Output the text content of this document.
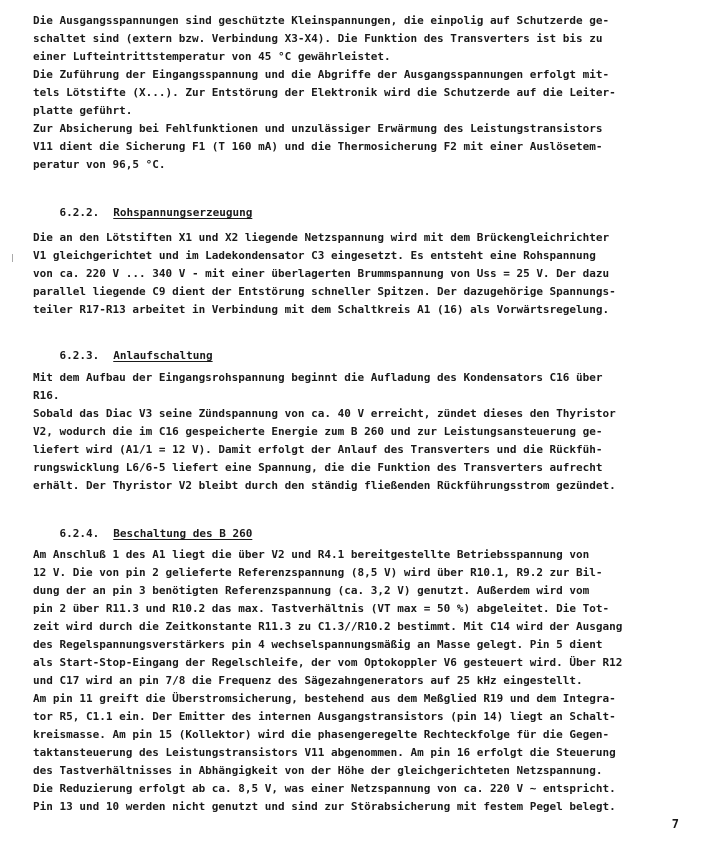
Die Ausgangsspannungen sind geschützte Kleinspannungen, die einpolig auf Schutzerde ge-

schaltet sind (extern bzw. Verbindung X3-X4). Die Funktion des Transverters ist bis zu

einer Lufteintrittstemperatur von 45 °C gewährleistet.

Die Zuführung der Eingangsspannung und die Abgriffe der Ausgangsspannungen erfolgt mit-

tels Lötstifte (X...). Zur Entstörung der Elektronik wird die Schutzerde auf die Leiter-

platte geführt.

Zur Absicherung bei Fehlfunktionen und unzulässiger Erwärmung des Leistungstransistors

V11 dient die Sicherung F1 (T 160 mA) und die Thermosicherung F2 mit einer Auslösetem-

peratur von 96,5 °C.

6.2.2. Rohspannungserzeugung

Die an den Lötstiften X1 und X2 liegende Netzspannung wird mit dem Brückengleichrichter

V1 gleichgerichtet und im Ladekondensator C3 eingesetzt. Es entsteht eine Rohspannung

von ca. 220 V ... 340 V - mit einer überlagerten Brummspannung von Uss = 25 V. Der dazu

parallel liegende C9 dient der Entstörung schneller Spitzen. Der dazugehörige Spannungs-

teiler R17-R13 arbeitet in Verbindung mit dem Schaltkreis A1 (16) als Vorwärtsregelung.

6.2.3. Anlaufschaltung

Mit dem Aufbau der Eingangsrohspannung beginnt die Aufladung des Kondensators C16 über

R16.

Sobald das Diac V3 seine Zündspannung von ca. 40 V erreicht, zündet dieses den Thyristor

V2, wodurch die im C16 gespeicherte Energie zum B 260 und zur Leistungsansteuerung ge-

liefert wird (A1/1 = 12 V). Damit erfolgt der Anlauf des Transverters und die Rückfüh-

rungswicklung L6/6-5 liefert eine Spannung, die die Funktion des Transverters aufrecht

erhält. Der Thyristor V2 bleibt durch den ständig fließenden Rückführungsstrom gezündet.

6.2.4. Beschaltung des B 260

Am Anschluß 1 des A1 liegt die über V2 und R4.1 bereitgestellte Betriebsspannung von

12 V. Die von pin 2 gelieferte Referenzspannung (8,5 V) wird über R10.1, R9.2 zur Bil-

dung der an pin 3 benötigten Referenzspannung (ca. 3,2 V) genutzt. Außerdem wird vom

pin 2 über R11.3 und R10.2 das max. Tastverhältnis (VT max = 50 %) abgeleitet. Die Tot-

zeit wird durch die Zeitkonstante R11.3 zu C1.3//R10.2 bestimmt. Mit C14 wird der Ausgang

des Regelspannungsverstärkers pin 4 wechselspannungsmäßig an Masse gelegt. Pin 5 dient

als Start-Stop-Eingang der Regelschleife, der vom Optokoppler V6 gesteuert wird. Über R12

und C17 wird an pin 7/8 die Frequenz des Sägezahngenerators auf 25 kHz eingestellt.

Am pin 11 greift die Überstromsicherung, bestehend aus dem Meßglied R19 und dem Integra-

tor R5, C1.1 ein. Der Emitter des internen Ausgangstransistors (pin 14) liegt an Schalt-

kreismasse. Am pin 15 (Kollektor) wird die phasengeregelte Rechteckfolge für die Gegen-

taktansteuerung des Leistungstransistors V11 abgenommen. Am pin 16 erfolgt die Steuerung

des Tastverhältnisses in Abhängigkeit von der Höhe der gleichgerichteten Netzspannung.

Die Reduzierung erfolgt ab ca. 8,5 V, was einer Netzspannung von ca. 220 V ~ entspricht.

Pin 13 und 10 werden nicht genutzt und sind zur Störabsicherung mit festem Pegel belegt.

7
